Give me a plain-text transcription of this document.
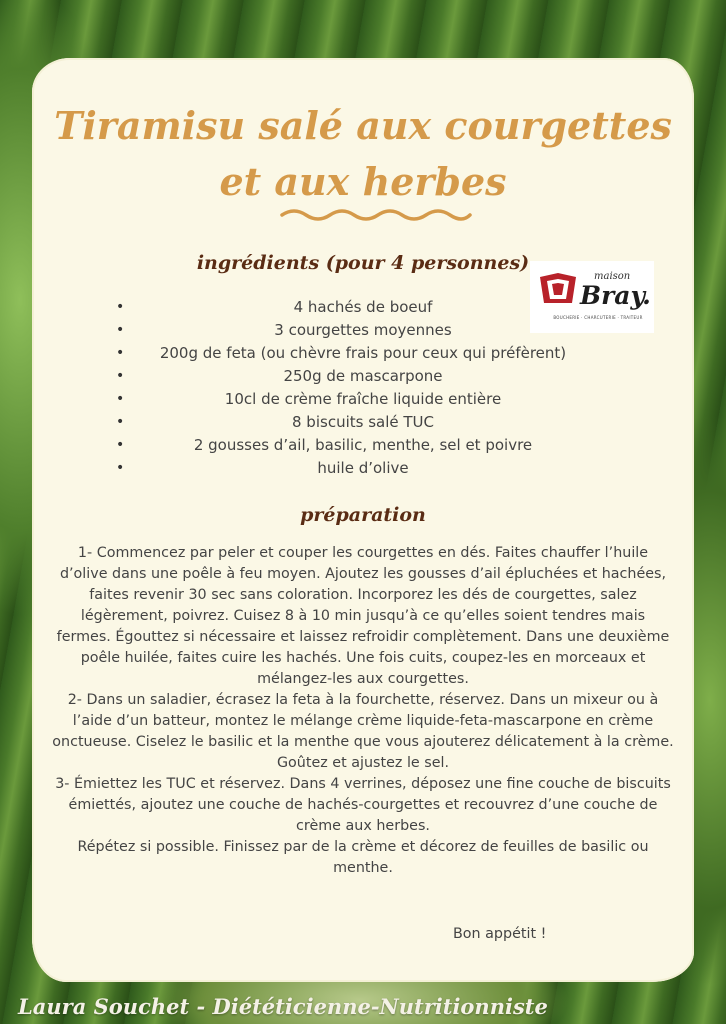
Tiramisu salé aux courgettes
et aux herbes
ingrédients (pour 4 personnes)
maison
Bray.
BOUCHERIE · CHARCUTERIE · TRAITEUR
•	4 hachés de boeuf
•	3 courgettes moyennes
• 200g de feta (ou chèvre frais pour ceux qui préfèrent)
•	250g de mascarpone
•	10cl de crème fraîche liquide entière
•	8 biscuits salé TUC
•	2 gousses d’ail, basilic, menthe, sel et poivre
•	huile d’olive
préparation

1- Commencez par peler et couper les courgettes en dés. Faites chauffer l’huile d’olive dans une poêle à feu moyen. Ajoutez les gousses d’ail épluchées et hachées, faites revenir 30 sec sans coloration. Incorporez les dés de courgettes, salez légèrement, poivrez. Cuisez 8 à 10 min jusqu’à ce qu’elles soient tendres mais fermes. Égouttez si nécessaire et laissez refroidir complètement. Dans une deuxième poêle huilée, faites cuire les hachés. Une fois cuits, coupez-les en morceaux et mélangez-les aux courgettes.

2- Dans un saladier, écrasez la feta à la fourchette, réservez. Dans un mixeur ou à l’aide d’un batteur, montez le mélange crème liquide-feta-mascarpone en crème onctueuse. Ciselez le basilic et la menthe que vous ajouterez délicatement à la crème. Goûtez et ajustez le sel.

3- Émiettez les TUC et réservez. Dans 4 verrines, déposez une fine couche de biscuits émiettés, ajoutez une couche de hachés-courgettes et recouvrez d’une couche de crème aux herbes.

Répétez si possible. Finissez par de la crème et décorez de feuilles de basilic ou menthe.

Bon appétit !
Laura Souchet - Diététicienne-Nutritionniste
